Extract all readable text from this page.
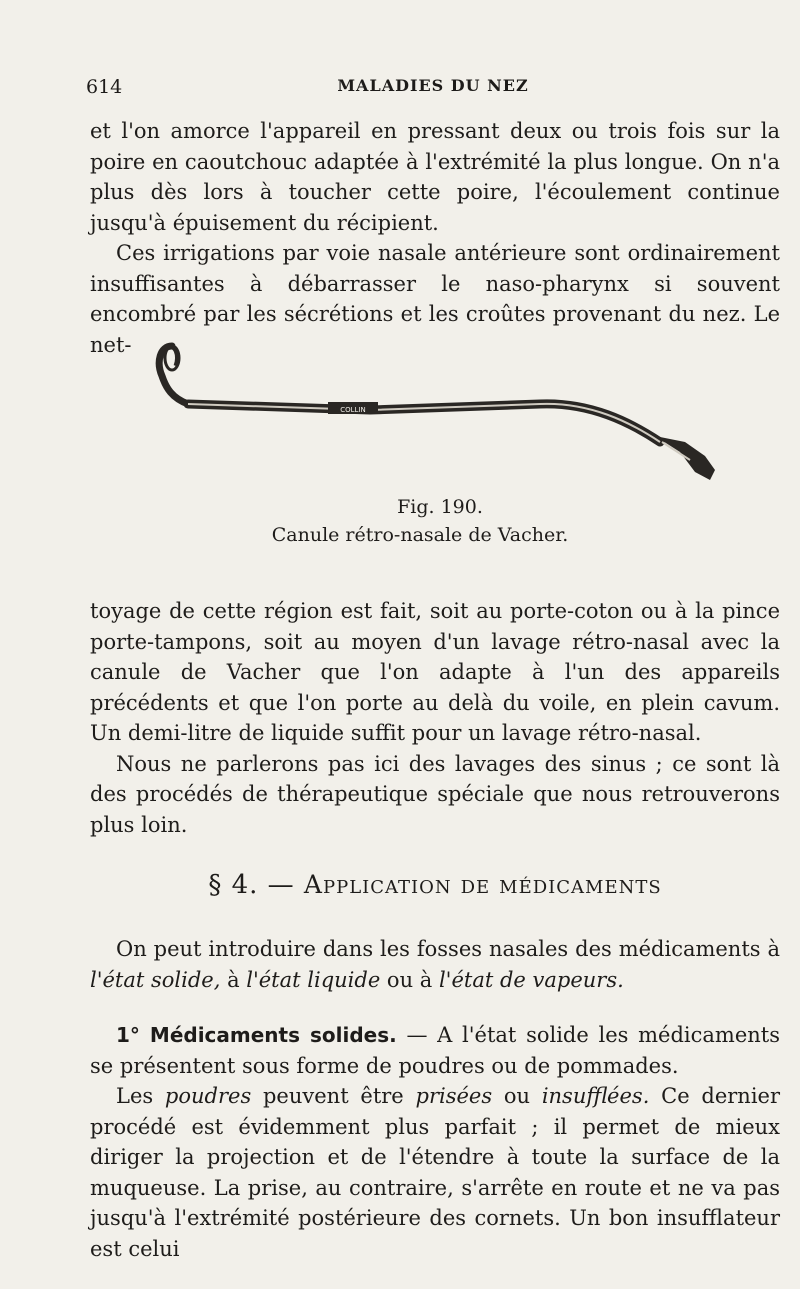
614	MALADIES DU NEZ

et l'on amorce l'appareil en pressant deux ou trois fois sur la poire en caoutchouc adaptée à l'extrémité la plus longue. On n'a plus dès lors à toucher cette poire, l'écoulement continue jusqu'à épuisement du récipient.

Ces irrigations par voie nasale antérieure sont ordinairement insuffisantes à débarrasser le naso-pharynx si souvent encombré par les sécrétions et les croûtes provenant du nez. Le net-

COLLIN
Fig. 190.
Canule rétro-nasale de Vacher.

toyage de cette région est fait, soit au porte-coton ou à la pince porte-tampons, soit au moyen d'un lavage rétro-nasal avec la canule de Vacher que l'on adapte à l'un des appareils précédents et que l'on porte au delà du voile, en plein cavum. Un demi-litre de liquide suffit pour un lavage rétro-nasal.

Nous ne parlerons pas ici des lavages des sinus ; ce sont là des procédés de thérapeutique spéciale que nous retrouverons plus loin.

§ 4. — Application de médicaments

On peut introduire dans les fosses nasales des médicaments à l'état solide, à l'état liquide ou à l'état de vapeurs.

1° Médicaments solides. — A l'état solide les médicaments se présentent sous forme de poudres ou de pommades.

Les poudres peuvent être prisées ou insufflées. Ce dernier procédé est évidemment plus parfait ; il permet de mieux diriger la projection et de l'étendre à toute la surface de la muqueuse. La prise, au contraire, s'arrête en route et ne va pas jusqu'à l'extrémité postérieure des cornets. Un bon insufflateur est celui
